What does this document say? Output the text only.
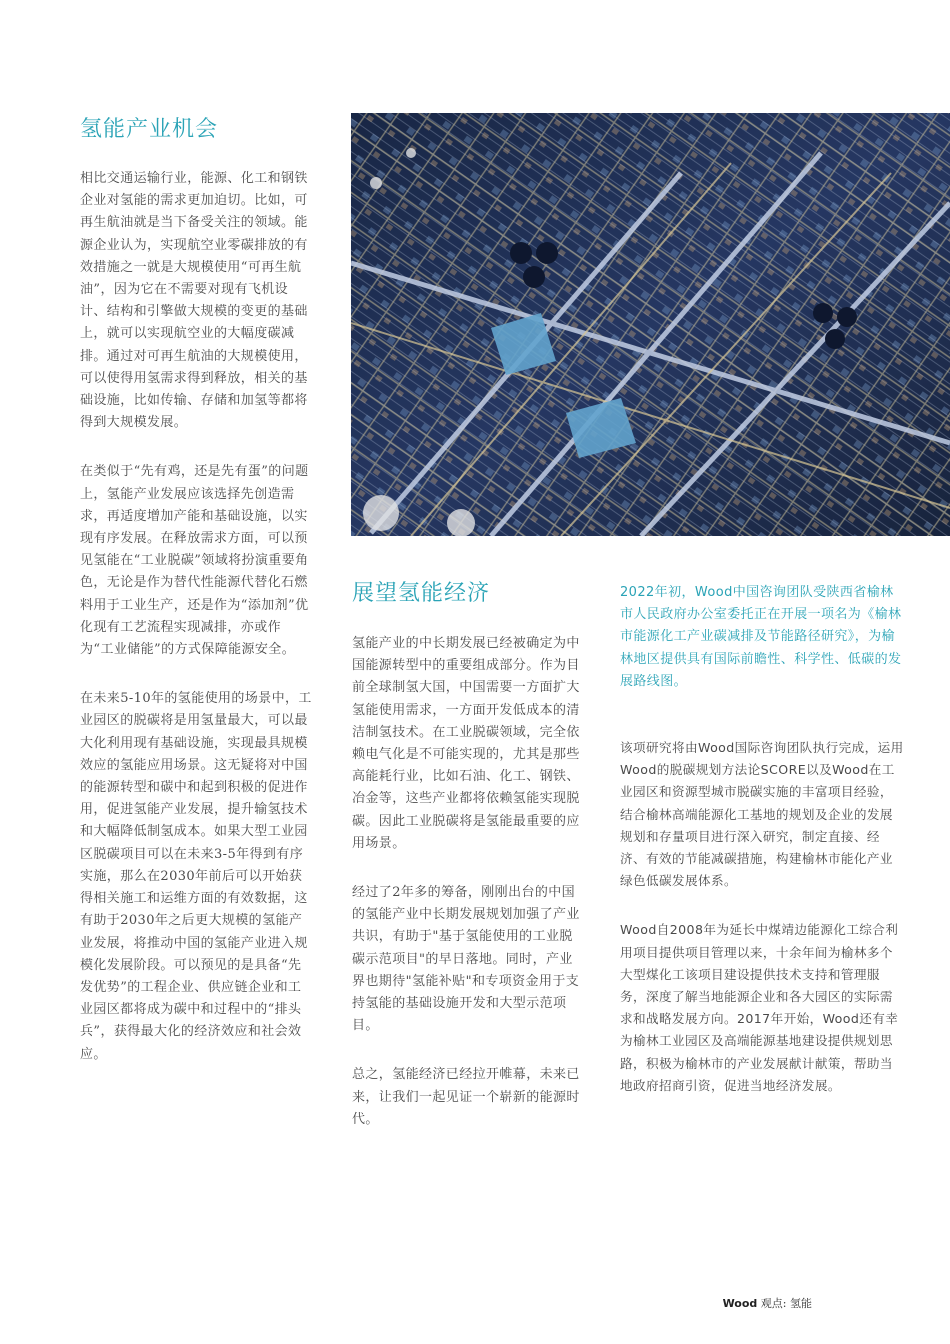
氢能产业机会

相比交通运输行业，能源、化工和钢铁企业对氢能的需求更加迫切。比如，可再生航油就是当下备受关注的领域。能源企业认为，实现航空业零碳排放的有效措施之一就是大规模使用“可再生航油”，因为它在不需要对现有飞机设计、结构和引擎做大规模的变更的基础上，就可以实现航空业的大幅度碳减排。通过对可再生航油的大规模使用，可以使得用氢需求得到释放，相关的基础设施，比如传输、存储和加氢等都将得到大规模发展。

在类似于“先有鸡，还是先有蛋”的问题上，氢能产业发展应该选择先创造需求，再适度增加产能和基础设施，以实现有序发展。在释放需求方面，可以预见氢能在“工业脱碳”领域将扮演重要角色，无论是作为替代性能源代替化石燃料用于工业生产，还是作为“添加剂”优化现有工艺流程实现减排，亦或作为“工业储能”的方式保障能源安全。

在未来5-10年的氢能使用的场景中，工业园区的脱碳将是用氢量最大，可以最大化利用现有基础设施，实现最具规模效应的氢能应用场景。这无疑将对中国的能源转型和碳中和起到积极的促进作用，促进氢能产业发展，提升输氢技术和大幅降低制氢成本。如果大型工业园区脱碳项目可以在未来3-5年得到有序实施，那么在2030年前后可以开始获得相关施工和运维方面的有效数据，这有助于2030年之后更大规模的氢能产业发展，将推动中国的氢能产业进入规模化发展阶段。可以预见的是具备“先发优势”的工程企业、供应链企业和工业园区都将成为碳中和过程中的“排头兵”，获得最大化的经济效应和社会效应。

展望氢能经济

氢能产业的中长期发展已经被确定为中国能源转型中的重要组成部分。作为目前全球制氢大国，中国需要一方面扩大氢能使用需求，一方面开发低成本的清洁制氢技术。在工业脱碳领域，完全依赖电气化是不可能实现的，尤其是那些高能耗行业，比如石油、化工、钢铁、冶金等，这些产业都将依赖氢能实现脱碳。因此工业脱碳将是氢能最重要的应用场景。

经过了2年多的筹备，刚刚出台的中国的氢能产业中长期发展规划加强了产业共识，有助于"基于氢能使用的工业脱碳示范项目"的早日落地。同时，产业界也期待"氢能补贴"和专项资金用于支持氢能的基础设施开发和大型示范项目。

总之，氢能经济已经拉开帷幕，未来已来，让我们一起见证一个崭新的能源时代。

2022年初，Wood中国咨询团队受陕西省榆林市人民政府办公室委托正在开展一项名为《榆林市能源化工产业碳减排及节能路径研究》，为榆林地区提供具有国际前瞻性、科学性、低碳的发展路线图。

该项研究将由Wood国际咨询团队执行完成，运用Wood的脱碳规划方法论SCORE以及Wood在工业园区和资源型城市脱碳实施的丰富项目经验，结合榆林高端能源化工基地的规划及企业的发展规划和存量项目进行深入研究，制定直接、经济、有效的节能减碳措施，构建榆林市能化产业绿色低碳发展体系。

Wood自2008年为延长中煤靖边能源化工综合利用项目提供项目管理以来，十余年间为榆林多个大型煤化工该项目建设提供技术支持和管理服务，深度了解当地能源企业和各大园区的实际需求和战略发展方向。2017年开始，Wood还有幸为榆林工业园区及高端能源基地建设提供规划思路，积极为榆林市的产业发展献计献策，帮助当地政府招商引资，促进当地经济发展。

Wood 观点: 氢能
